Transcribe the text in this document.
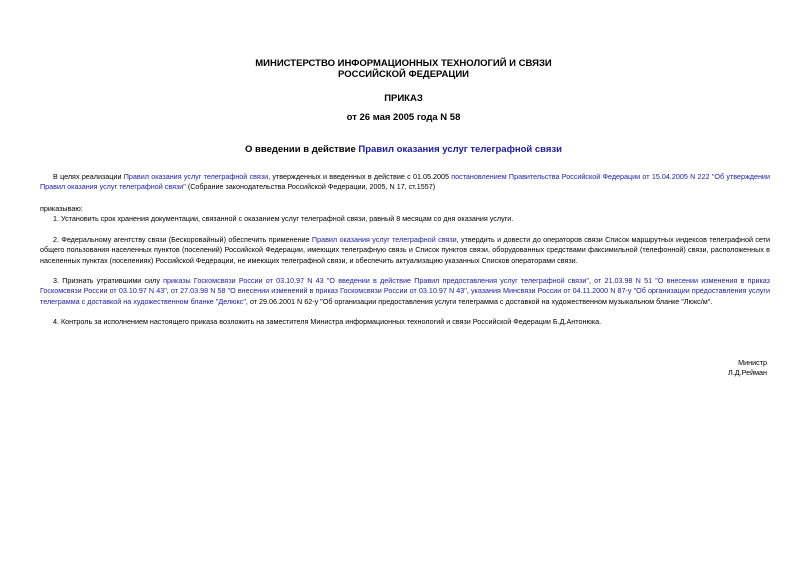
МИНИСТЕРСТВО ИНФОРМАЦИОННЫХ ТЕХНОЛОГИЙ И СВЯЗИ
РОССИЙСКОЙ ФЕДЕРАЦИИ
ПРИКАЗ
от 26 мая 2005 года N 58
О введении в действие Правил оказания услуг телеграфной связи
В целях реализации Правил оказания услуг телеграфной связи, утвержденных и введенных в действие с 01.05.2005 постановлением Правительства Российской Федерации от 15.04.2005 N 222 "Об утверждении Правил оказания услуг телеграфной связи" (Собрание законодательства Российской Федерации, 2005, N 17, ст.1557)
приказываю:
1. Установить срок хранения документации, связанной с оказанием услуг телеграфной связи, равный 8 месяцам со дня оказания услуги.
2. Федеральному агентству связи (Бескоровайный) обеспечить применение Правил оказания услуг телеграфной связи, утвердить и довести до операторов связи Список маршрутных индексов телеграфной сети общего пользования населенных пунктов (поселений) Российской Федерации, имеющих телеграфную связь и Список пунктов связи, оборудованных средствами факсимильной (телефонной) связи, расположенных в населенных пунктах (поселениях) Российской Федерации, не имеющих телеграфной связи, и обеспечить актуализацию указанных Списков операторами связи.
3. Признать утратившими силу приказы Госкомсвязи России от 03.10.97 N 43 "О введении в действие Правил предоставления услуг телеграфной связи", от 21.03.98 N 51 "О внесении изменения в приказ Госкомсвязи России от 03.10.97 N 43", от 27.03.98 N 58 "О внесении изменений в приказ Госкомсвязи России от 03.10.97 N 43", указания Минсвязи России от 04.11.2000 N 87-у "Об организации предоставления услуги телеграмма с доставкой на художественном бланке "Делюкс", от 29.06.2001 N 62-у "Об организации предоставления услуги телеграмма с доставкой на художественном музыкальном бланке "Люкс/м".
4. Контроль за исполнением настоящего приказа возложить на заместителя Министра информационных технологий и связи Российской Федерации Б.Д.Антонюка.
Министр
Л.Д.Рейман
